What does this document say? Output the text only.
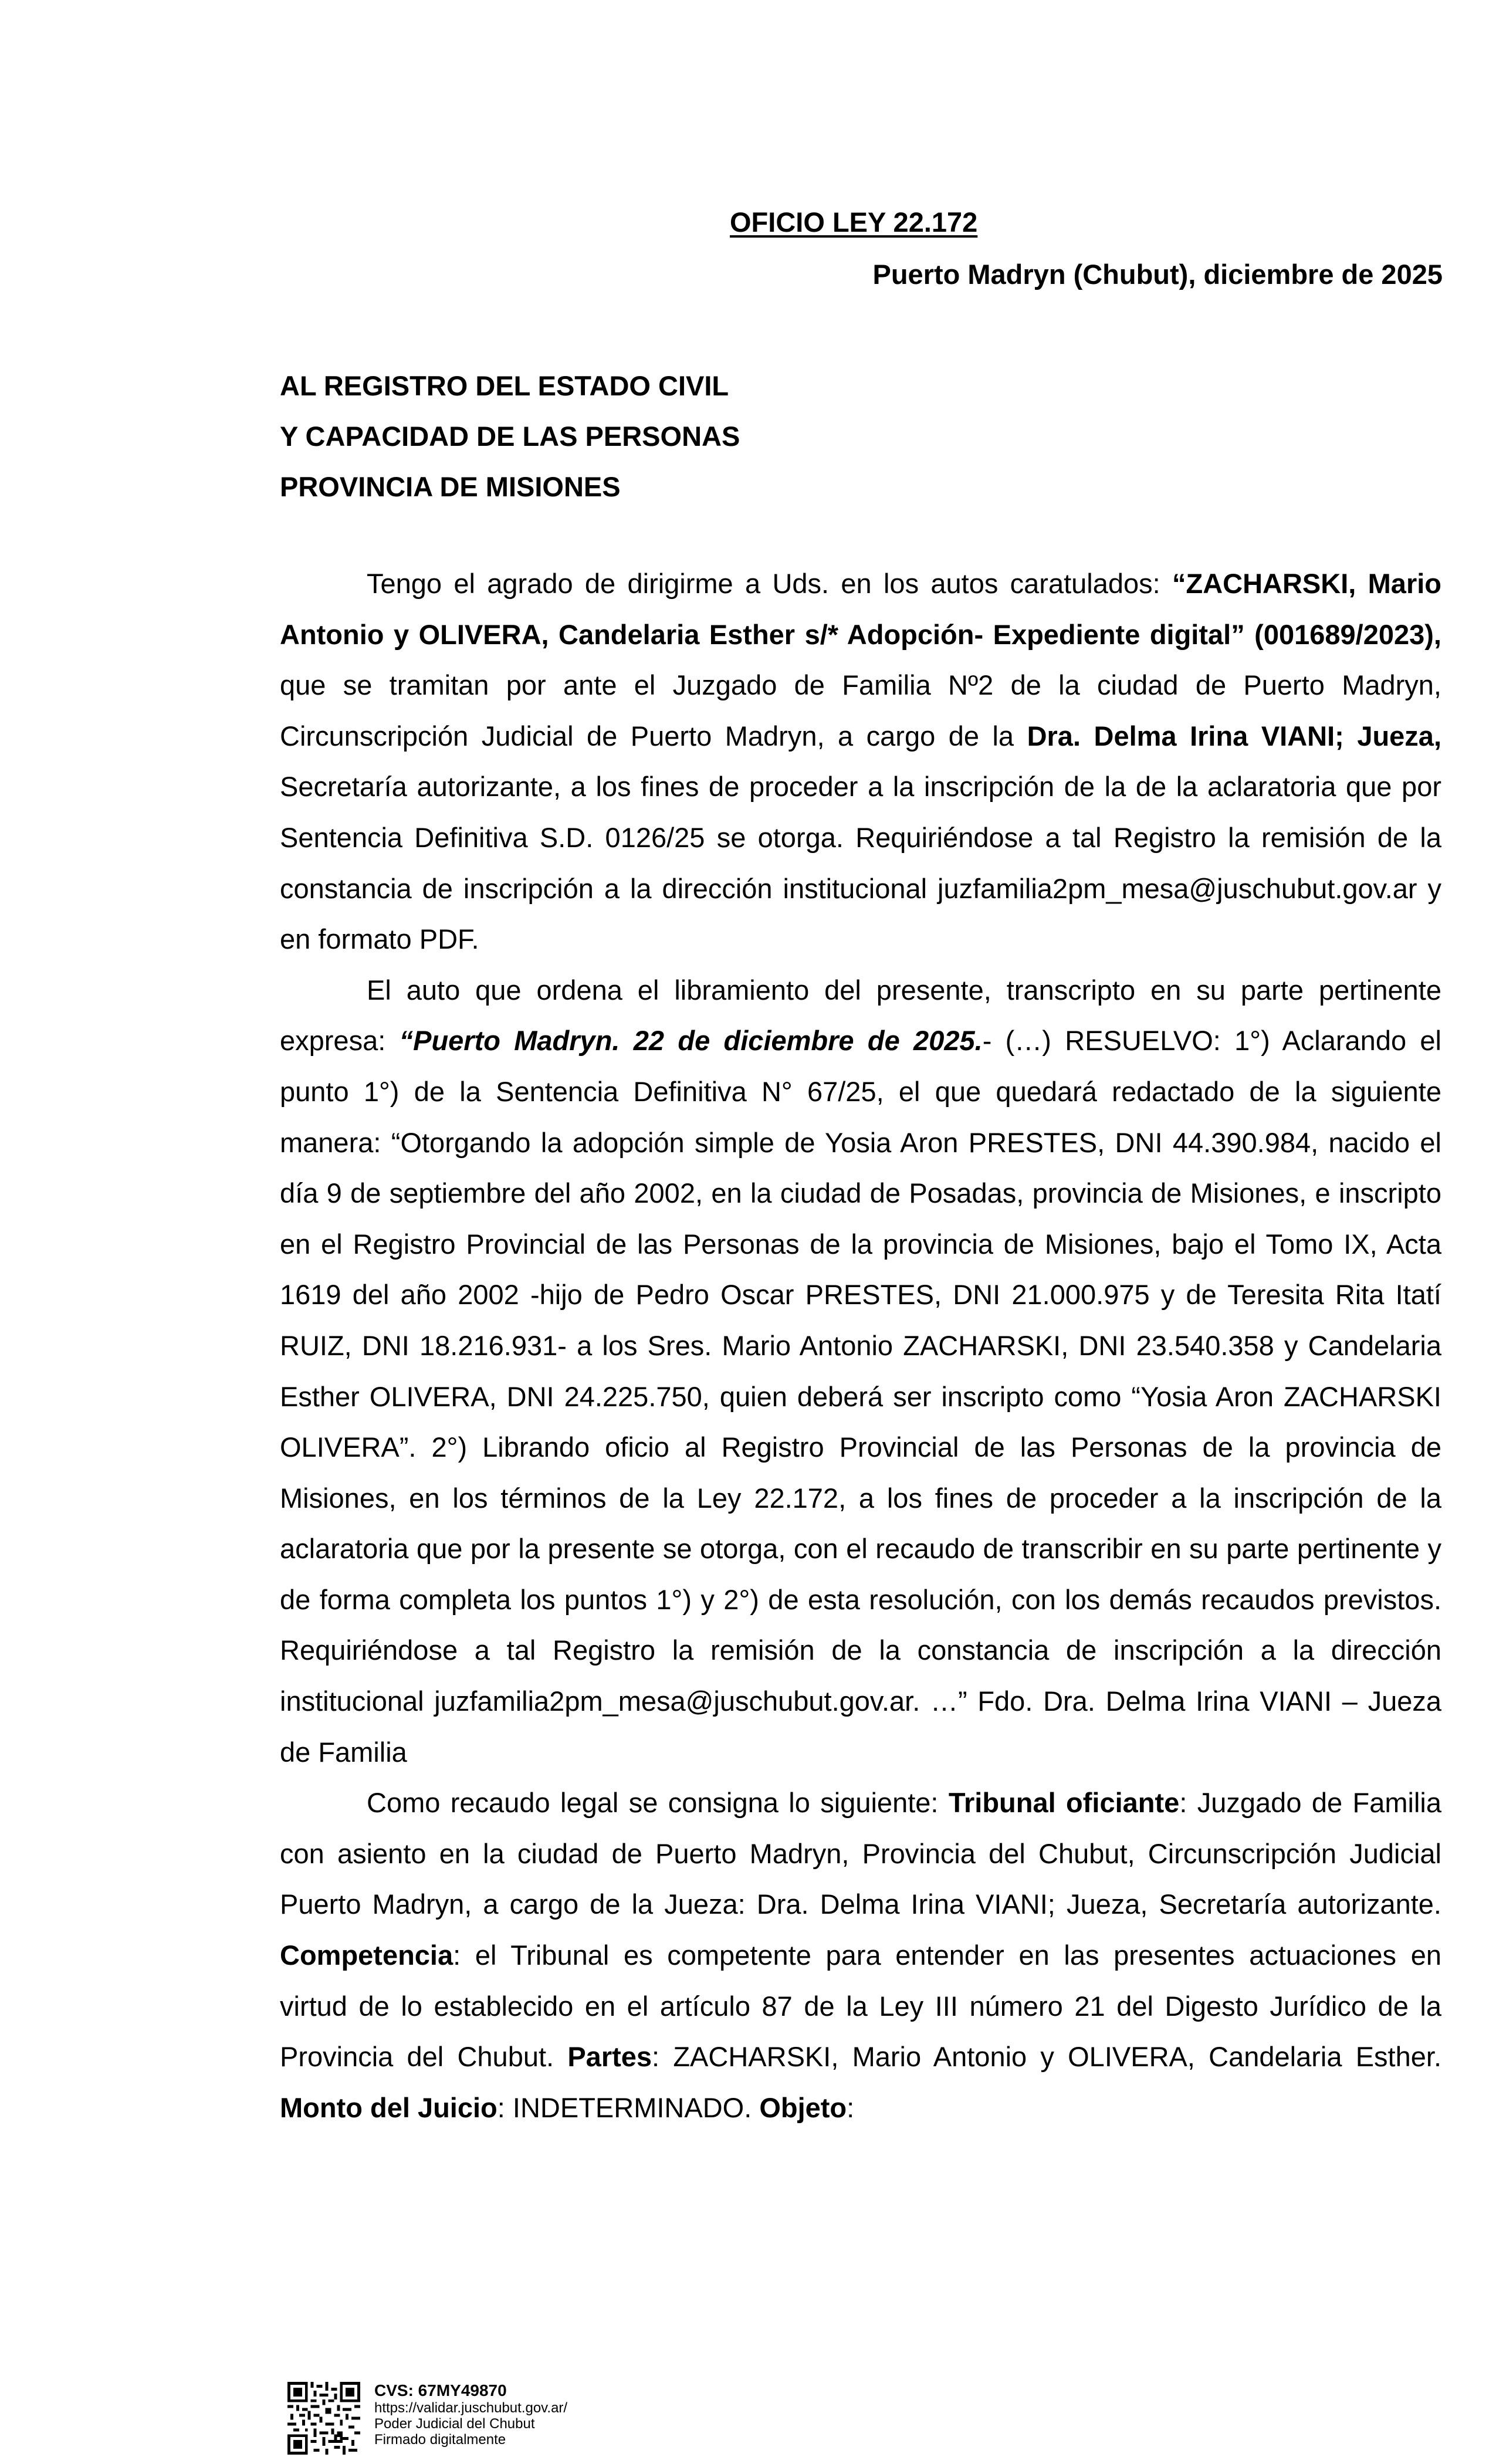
OFICIO LEY 22.172
Puerto Madryn (Chubut), diciembre de 2025
AL REGISTRO DEL ESTADO CIVIL
Y CAPACIDAD DE LAS PERSONAS
PROVINCIA DE MISIONES

Tengo el agrado de dirigirme a Uds. en los autos caratulados: “ZACHARSKI, Mario Antonio y OLIVERA, Candelaria Esther s/* Adopción- Expediente digital” (001689/2023), que se tramitan por ante el Juzgado de Familia Nº2 de la ciudad de Puerto Madryn, Circunscripción Judicial de Puerto Madryn, a cargo de la Dra. Delma Irina VIANI; Jueza, Secretaría autorizante, a los fines de proceder a la inscripción de la de la aclaratoria que por Sentencia Definitiva S.D. 0126/25 se otorga. Requiriéndose a tal Registro la remisión de la constancia de inscripción a la dirección institucional juzfamilia2pm_mesa@juschubut.gov.ar y en formato PDF.

El auto que ordena el libramiento del presente, transcripto en su parte pertinente expresa: “Puerto Madryn. 22 de diciembre de 2025.- (…) RESUELVO: 1°) Aclarando el punto 1°) de la Sentencia Definitiva N° 67/25, el que quedará redactado de la siguiente manera: “Otorgando la adopción simple de Yosia Aron PRESTES, DNI 44.390.984, nacido el día 9 de septiembre del año 2002, en la ciudad de Posadas, provincia de Misiones, e inscripto en el Registro Provincial de las Personas de la provincia de Misiones, bajo el Tomo IX, Acta 1619 del año 2002 -hijo de Pedro Oscar PRESTES, DNI 21.000.975 y de Teresita Rita Itatí RUIZ, DNI 18.216.931- a los Sres. Mario Antonio ZACHARSKI, DNI 23.540.358 y Candelaria Esther OLIVERA, DNI 24.225.750, quien deberá ser inscripto como “Yosia Aron ZACHARSKI OLIVERA”. 2°) Librando oficio al Registro Provincial de las Personas de la provincia de Misiones, en los términos de la Ley 22.172, a los fines de proceder a la inscripción de la aclaratoria que por la presente se otorga, con el recaudo de transcribir en su parte pertinente y de forma completa los puntos 1°) y 2°) de esta resolución, con los demás recaudos previstos. Requiriéndose a tal Registro la remisión de la constancia de inscripción a la dirección institucional juzfamilia2pm_mesa@juschubut.gov.ar. …” Fdo. Dra. Delma Irina VIANI – Jueza de Familia

Como recaudo legal se consigna lo siguiente: Tribunal oficiante: Juzgado de Familia con asiento en la ciudad de Puerto Madryn, Provincia del Chubut, Circunscripción Judicial Puerto Madryn, a cargo de la Jueza: Dra. Delma Irina VIANI; Jueza, Secretaría autorizante. Competencia: el Tribunal es competente para entender en las presentes actuaciones en virtud de lo establecido en el artículo 87 de la Ley III número 21 del Digesto Jurídico de la Provincia del Chubut. Partes: ZACHARSKI, Mario Antonio y OLIVERA, Candelaria Esther. Monto del Juicio: INDETERMINADO. Objeto:

CVS: 67MY49870
https://validar.juschubut.gov.ar/
Poder Judicial del Chubut
Firmado digitalmente
